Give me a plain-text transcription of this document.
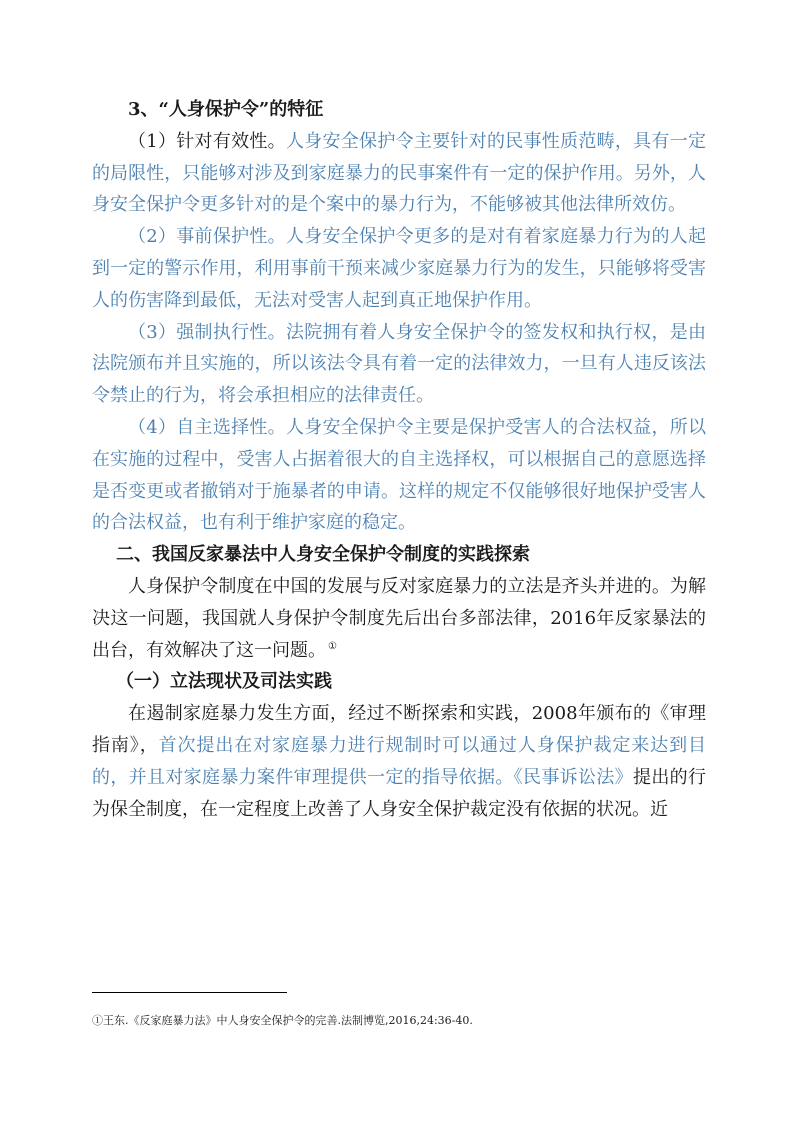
3、“人身保护令”的特征

（1）针对有效性。人身安全保护令主要针对的民事性质范畴，具有一定的局限性，只能够对涉及到家庭暴力的民事案件有一定的保护作用。另外，人身安全保护令更多针对的是个案中的暴力行为，不能够被其他法律所效仿。

（2）事前保护性。人身安全保护令更多的是对有着家庭暴力行为的人起到一定的警示作用，利用事前干预来减少家庭暴力行为的发生，只能够将受害人的伤害降到最低，无法对受害人起到真正地保护作用。

（3）强制执行性。法院拥有着人身安全保护令的签发权和执行权，是由法院颁布并且实施的，所以该法令具有着一定的法律效力，一旦有人违反该法令禁止的行为，将会承担相应的法律责任。

（4）自主选择性。人身安全保护令主要是保护受害人的合法权益，所以在实施的过程中，受害人占据着很大的自主选择权，可以根据自己的意愿选择是否变更或者撤销对于施暴者的申请。这样的规定不仅能够很好地保护受害人的合法权益，也有利于维护家庭的稳定。

二、我国反家暴法中人身安全保护令制度的实践探索

人身保护令制度在中国的发展与反对家庭暴力的立法是齐头并进的。为解决这一问题，我国就人身保护令制度先后出台多部法律，2016年反家暴法的出台，有效解决了这一问题。 ①

（一）立法现状及司法实践

在遏制家庭暴力发生方面，经过不断探索和实践，2008年颁布的《审理指南》，首次提出在对家庭暴力进行规制时可以通过人身保护裁定来达到目的，并且对家庭暴力案件审理提供一定的指导依据。《民事诉讼法》提出的行为保全制度，在一定程度上改善了人身安全保护裁定没有依据的状况。近

①王东.《反家庭暴力法》中人身安全保护令的完善.法制博览,2016,24:36-40.
